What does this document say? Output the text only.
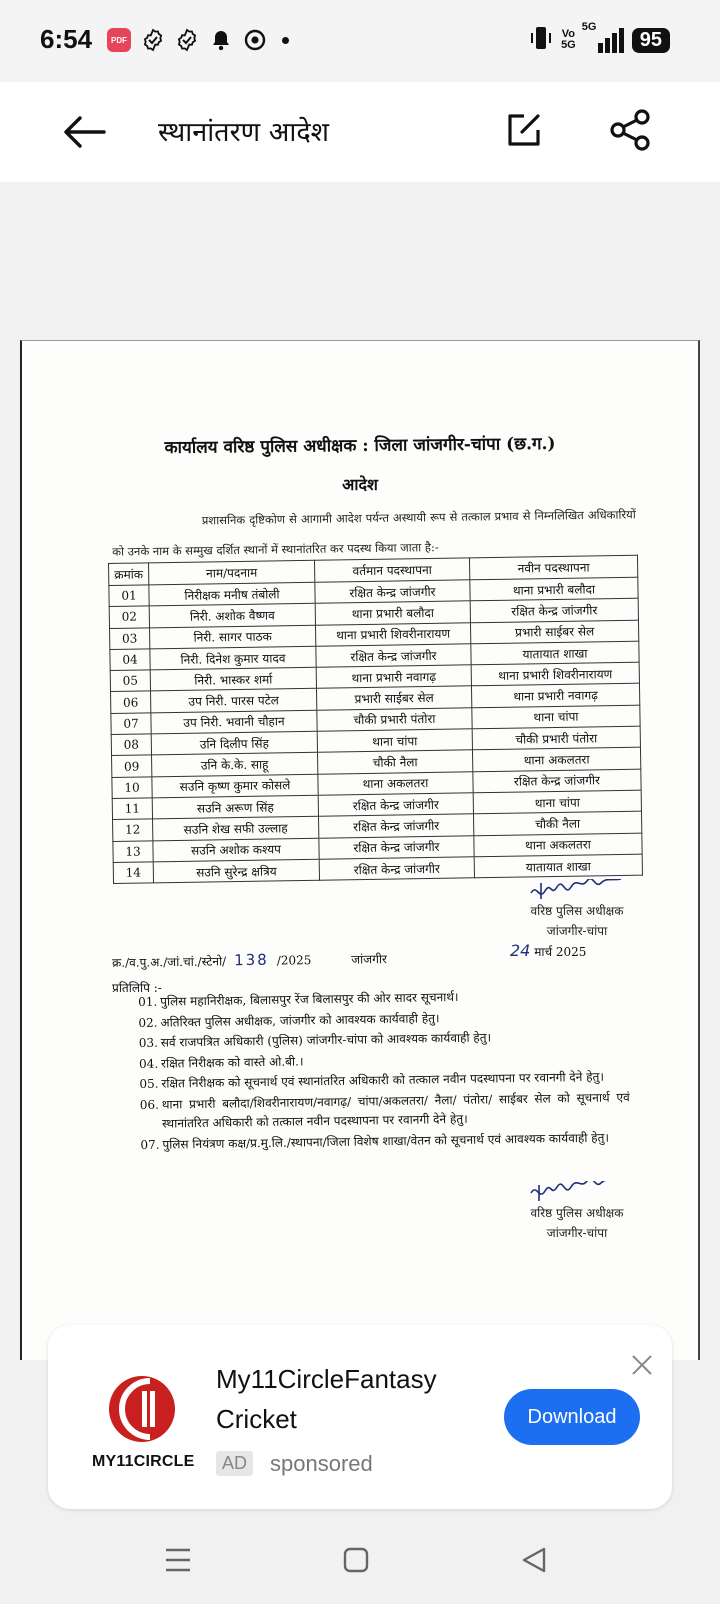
6:54	PDF	Vo
5G
5G
95
स्थानांतरण आदेश
कार्यालय वरिष्ठ पुलिस अधीक्षक : जिला जांजगीर-चांपा (छ.ग.)
आदेश
प्रशासनिक दृष्टिकोण से आगामी आदेश पर्यन्त अस्थायी रूप से तत्काल प्रभाव से निम्नलिखित अधिकारियों को उनके नाम के सम्मुख दर्शित स्थानों में स्थानांतरित कर पदस्थ किया जाता है:-
क्रमांक	नाम/पदनाम	वर्तमान पदस्थापना	नवीन पदस्थापना
01	निरीक्षक मनीष तंबोली	रक्षित केन्द्र जांजगीर	थाना प्रभारी बलौदा
02	निरी. अशोक वैष्णव	थाना प्रभारी बलौदा	रक्षित केन्द्र जांजगीर
03	निरी. सागर पाठक	थाना प्रभारी शिवरीनारायण	प्रभारी साईबर सेल
04	निरी. दिनेश कुमार यादव	रक्षित केन्द्र जांजगीर	यातायात शाखा
05	निरी. भास्कर शर्मा	थाना प्रभारी नवागढ़	थाना प्रभारी शिवरीनारायण
06	उप निरी. पारस पटेल	प्रभारी साईबर सेल	थाना प्रभारी नवागढ़
07	उप निरी. भवानी चौहान	चौकी प्रभारी पंतोरा	थाना चांपा
08	उनि दिलीप सिंह	थाना चांपा	चौकी प्रभारी पंतोरा
09	उनि के.के. साहू	चौकी नैला	थाना अकलतरा
10	सउनि कृष्ण कुमार कोसले	थाना अकलतरा	रक्षित केन्द्र जांजगीर
11	सउनि अरूण सिंह	रक्षित केन्द्र जांजगीर	थाना चांपा
12	सउनि शेख सफी उल्लाह	रक्षित केन्द्र जांजगीर	चौकी नैला
13	सउनि अशोक कश्यप	रक्षित केन्द्र जांजगीर	थाना अकलतरा
14	सउनि सुरेन्द्र क्षत्रिय	रक्षित केन्द्र जांजगीर	यातायात शाखा
वरिष्ठ पुलिस अधीक्षक
जांजगीर-चांपा
24 मार्च 2025
क्र./व.पु.अ./जां.चां./स्टेनो/ 138 /2025	जांजगीर
प्रतिलिपि :-
01. पुलिस महानिरीक्षक, बिलासपुर रेंज बिलासपुर की ओर सादर सूचनार्थ।
02. अतिरिक्त पुलिस अधीक्षक, जांजगीर को आवश्यक कार्यवाही हेतु।
03. सर्व राजपत्रित अधिकारी (पुलिस) जांजगीर-चांपा को आवश्यक कार्यवाही हेतु।
04. रक्षित निरीक्षक को वास्ते ओ.बी.।
05. रक्षित निरीक्षक को सूचनार्थ एवं स्थानांतरित अधिकारी को तत्काल नवीन पदस्थापना पर रवानगी देने हेतु।
06. थाना प्रभारी बलौदा/शिवरीनारायण/नवागढ़/ चांपा/अकलतरा/ नैला/ पंतोरा/ साईबर सेल को सूचनार्थ एवं स्थानांतरित अधिकारी को तत्काल नवीन पदस्थापना पर रवानगी देने हेतु।
07. पुलिस नियंत्रण कक्ष/प्र.मु.लि./स्थापना/जिला विशेष शाखा/वेतन को सूचनार्थ एवं आवश्यक कार्यवाही हेतु।
वरिष्ठ पुलिस अधीक्षक
जांजगीर-चांपा
MY11CIRCLE
My11CircleFantasy Cricket
AD sponsored
Download
